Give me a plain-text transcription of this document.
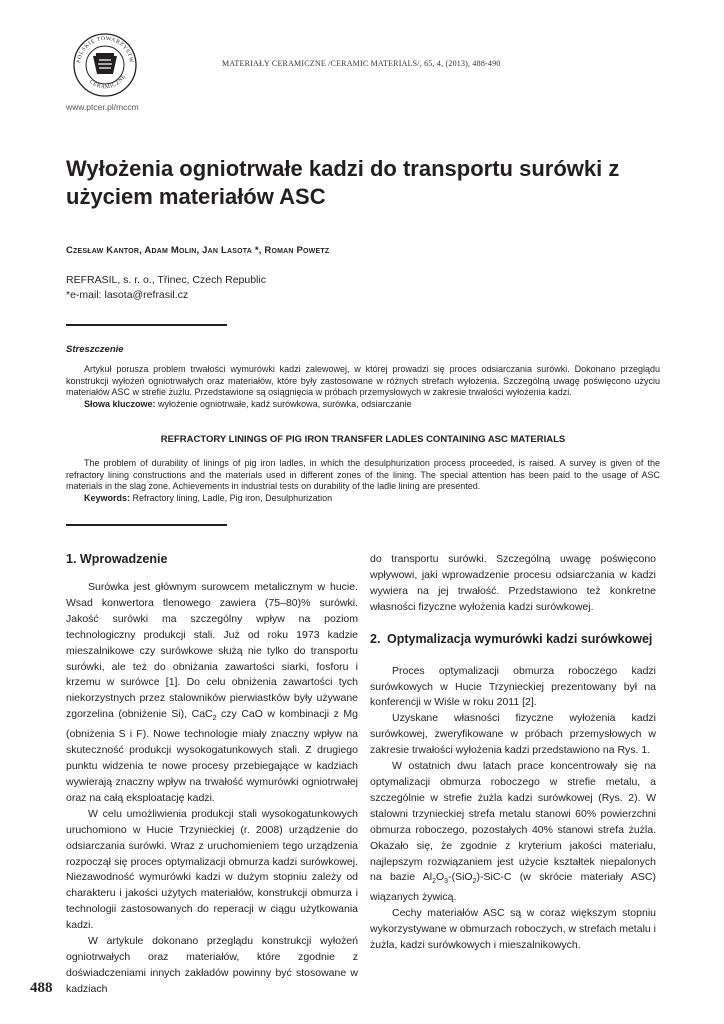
POLSKIE TOWARZYSTW
CERAMICZNE
www.ptcer.pl/mccm
MATERIAŁY CERAMICZNE /CERAMIC MATERIALS/, 65, 4, (2013), 488-490
Wyłożenia ogniotrwałe kadzi do transportu surówki z użyciem materiałów ASC
Czesław Kantor, Adam Molin, Jan Lasota *, Roman Powetz
REFRASIL, s. r. o., Třinec, Czech Republic
*e-mail: lasota@refrasil.cz
Streszczenie

Artykuł porusza problem trwałości wymurówki kadzi zalewowej, w której prowadzi się proces odsiarczania surówki. Dokonano przeglądu konstrukcji wyłożeń ogniotrwałych oraz materiałów, które były zastosowane w różnych strefach wyłożenia. Szczególną uwagę poświęcono użyciu materiałów ASC w strefie żużlu. Przedstawione są osiągnięcia w próbach przemysłowych w zakresie trwałości wyłożenia kadzi.

Słowa kluczowe: wyłożenie ogniotrwałe, kadź surówkowa, surówka, odsiarczanie

REFRACTORY LININGS OF PIG IRON TRANSFER LADLES CONTAINING ASC MATERIALS

The problem of durability of linings of pig iron ladles, in which the desulphurization process proceeded, is raised. A survey is given of the refractory lining constructions and the materials used in different zones of the lining. The special attention has been paid to the usage of ASC materials in the slag zone. Achievements in industrial tests on durability of the ladle lining are presented.

Keywords: Refractory lining, Ladle, Pig iron, Desulphurization

1. Wprowadzenie

Surówka jest głównym surowcem metalicznym w hucie. Wsad konwertora tlenowego zawiera (75–80)% surówki. Jakość surówki ma szczególny wpływ na poziom technologiczny produkcji stali. Już od roku 1973 kadzie mieszalnikowe czy surówkowe służą nie tylko do transportu surówki, ale też do obniżania zawartości siarki, fosforu i krzemu w surówce [1]. Do celu obniżenia zawartości tych niekorzystnych przez stalowników pierwiastków były używane zgorzelina (obniżenie Si), CaC$_2$ czy CaO w kombinacji z Mg (obniżenia S i F). Nowe technologie miały znaczny wpływ na skuteczność produkcji wysokogatunkowych stali. Z drugiego punktu widzenia te nowe procesy przebiegające w kadziach wywierają znaczny wpływ na trwałość wymurówki ogniotrwałej oraz na całą eksploatację kadzi.

W celu umożliwienia produkcji stali wysokogatunkowych uruchomiono w Hucie Trzynieckiej (r. 2008) urządzenie do odsiarczania surówki. Wraz z uruchomieniem tego urządzenia rozpoczął się proces optymalizacji obmurza kadzi surówkowej. Niezawodność wymurówki kadzi w dużym stopniu zależy od charakteru i jakości użytych materiałów, konstrukcji obmurza i technologii zastosowanych do reperacji w ciągu użytkowania kadzi.

W artykule dokonano przeglądu konstrukcji wyłożeń ogniotrwałych oraz materiałów, które zgodnie z doświadczeniami innych zakładów powinny być stosowane w kadziach

do transportu surówki. Szczególną uwagę poświęcono wpływowi, jaki wprowadzenie procesu odsiarczania w kadzi wywiera na jej trwałość. Przedstawiono też konkretne własności fizyczne wyłożenia kadzi surówkowej.

2. Optymalizacja wymurówki kadzi surówkowej

Proces optymalizacji obmurza roboczego kadzi surówkowych w Hucie Trzynieckiej prezentowany był na konferencji w Wiśle w roku 2011 [2].

Uzyskane własności fizyczne wyłożenia kadzi surówkowej, zweryfikowane w próbach przemysłowych w zakresie trwałości wyłożenia kadzi przedstawiono na Rys. 1.

W ostatnich dwu latach prace koncentrowały się na optymalizacji obmurza roboczego w strefie metalu, a szczególnie w strefie żużla kadzi surówkowej (Rys. 2). W stalowni trzynieckiej strefa metalu stanowi 60% powierzchni obmurza roboczego, pozostałych 40% stanowi strefa żużla. Okazało się, że zgodnie z kryterium jakości materiału, najlepszym rozwiązaniem jest użycie kształtek niepalonych na bazie $Al_2O_3-(SiO_2)-SiC-C$ (w skrócie materiały ASC) wiązanych żywicą.

Cechy materiałów ASC są w coraz większym stopniu wykorzystywane w obmurzach roboczych, w strefach metalu i żużla, kadzi surówkowych i mieszalnikowych.

488
